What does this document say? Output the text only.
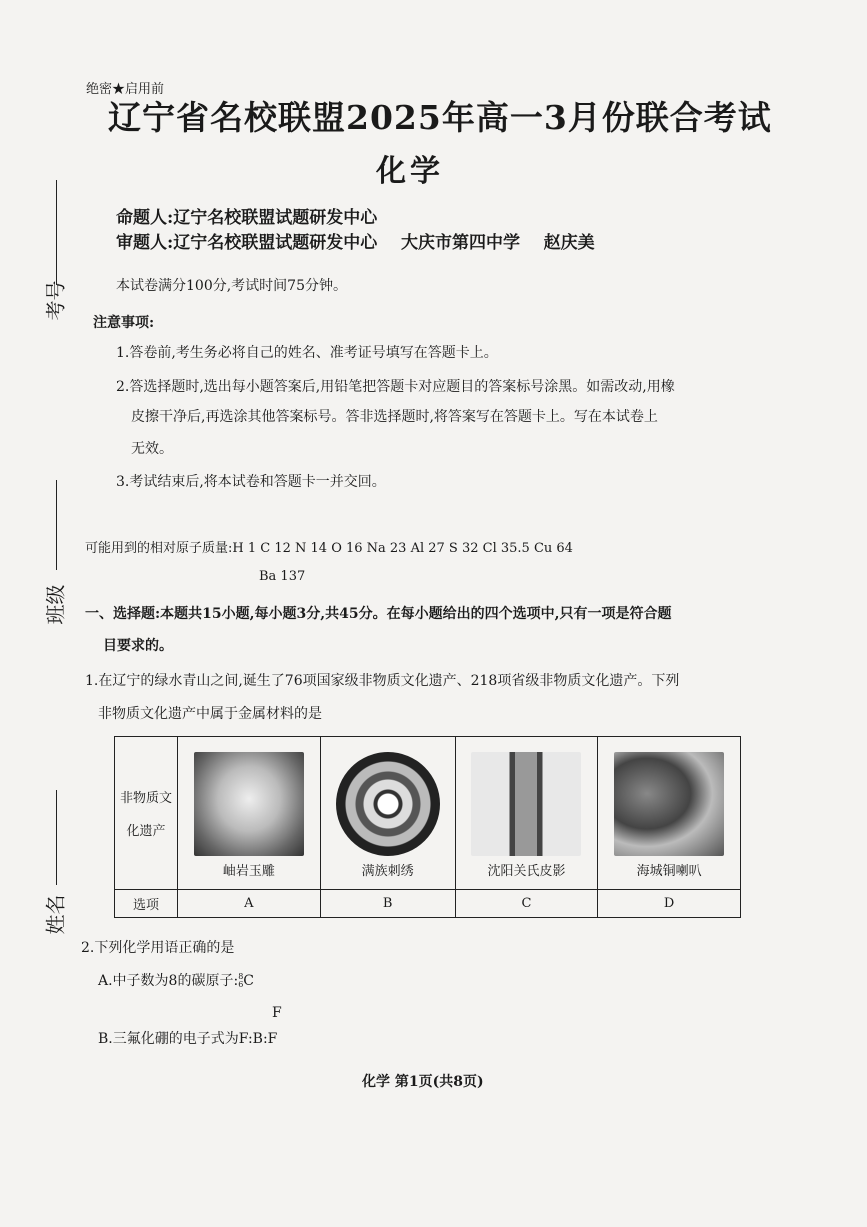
考号
班级
姓名
绝密★启用前
辽宁省名校联盟2025年高一3月份联合考试
化学
命题人:辽宁名校联盟试题研发中心
审题人:辽宁名校联盟试题研发中心    大庆市第四中学    赵庆美
本试卷满分100分,考试时间75分钟。
注意事项:
1.答卷前,考生务必将自己的姓名、准考证号填写在答题卡上。
2.答选择题时,选出每小题答案后,用铅笔把答题卡对应题目的答案标号涂黑。如需改动,用橡
皮擦干净后,再选涂其他答案标号。答非选择题时,将答案写在答题卡上。写在本试卷上
无效。
3.考试结束后,将本试卷和答题卡一并交回。
可能用到的相对原子质量:H 1 C 12 N 14 O 16 Na 23 Al 27 S 32 Cl 35.5 Cu 64
Ba 137
一、选择题:本题共15小题,每小题3分,共45分。在每小题给出的四个选项中,只有一项是符合题
目要求的。
1.在辽宁的绿水青山之间,诞生了76项国家级非物质文化遗产、218项省级非物质文化遗产。下列
非物质文化遗产中属于金属材料的是
非物质文
化遗产	岫岩玉雕	满族刺绣	沈阳关氏皮影	海城铜喇叭

选项	A	B	C	D
2.下列化学用语正确的是
A.中子数为8的碳原子:8
6C
F
B.三氟化硼的电子式为F:B:F
化学 第1页(共8页)
